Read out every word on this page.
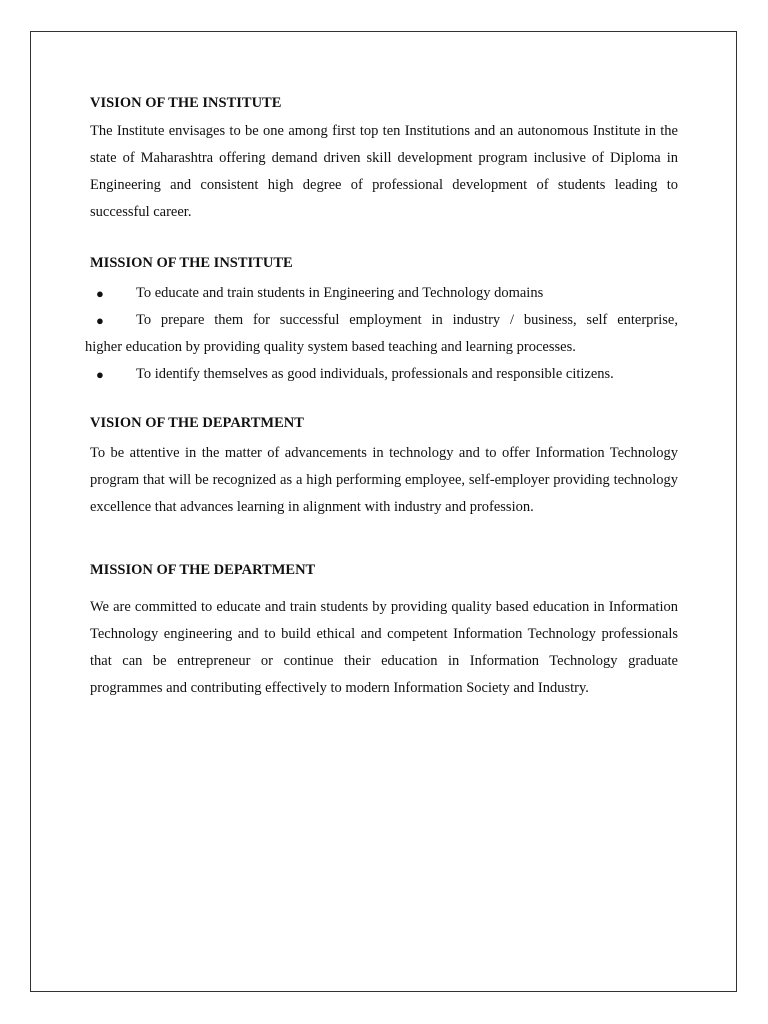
VISION OF THE INSTITUTE

The Institute envisages to be one among first top ten Institutions and an autonomous Institute in the state of Maharashtra offering demand driven skill development program inclusive of Diploma in Engineering and consistent high degree of professional development of students leading to successful career.

MISSION OF THE INSTITUTE
●	To educate and train students in Engineering and Technology domains
●	To prepare them for successful employment in industry / business, self enterprise,
higher education by providing quality system based teaching and learning processes.
●	To identify themselves as good individuals, professionals and responsible citizens.
VISION OF THE DEPARTMENT

To be attentive in the matter of advancements in technology and to offer Information Technology program that will be recognized as a high performing employee, self-employer providing technology excellence that advances learning in alignment with industry and profession.

MISSION OF THE DEPARTMENT

We are committed to educate and train students by providing quality based education in Information Technology engineering and to build ethical and competent Information Technology professionals that can be entrepreneur or continue their education in Information Technology graduate programmes and contributing effectively to modern Information Society and Industry.
